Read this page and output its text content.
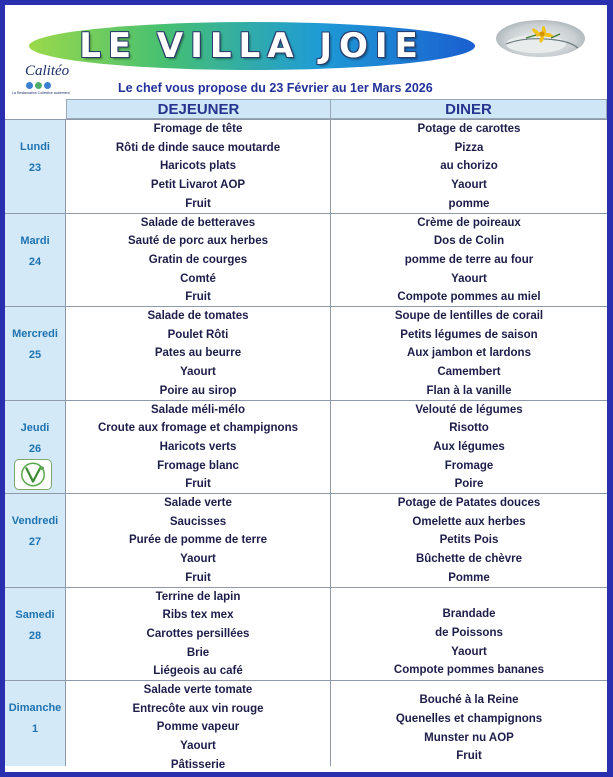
LE VILLA JOIE
Calitéo
La Restauration Collective autrement	Le chef vous propose du 23 Février au 1er Mars 2026
DEJEUNER	DINER
Lundi
23
Fromage de tête
Rôti de dinde sauce moutarde
Haricots plats
Petit Livarot AOP
Fruit
Potage de carottes
Pizza
au chorizo
Yaourt
pomme
Mardi
24
Salade de betteraves
Sauté de porc aux herbes
Gratin de courges
Comté
Fruit
Crème de poireaux
Dos de Colin
pomme de terre au four
Yaourt
Compote pommes au miel
Mercredi
25
Salade de tomates
Poulet Rôti
Pates au beurre
Yaourt
Poire au sirop
Soupe de lentilles de corail
Petits légumes de saison
Aux jambon et lardons
Camembert
Flan à la vanille
Jeudi
26
Salade méli-mélo
Croute aux fromage et champignons
Haricots verts
Fromage blanc
Fruit
Velouté de légumes
Risotto
Aux légumes
Fromage
Poire
Vendredi
27
Salade verte
Saucisses
Purée de pomme de terre
Yaourt
Fruit
Potage de Patates douces
Omelette aux herbes
Petits Pois
Bûchette de chèvre
Pomme
Samedi
28
Terrine de lapin
Ribs tex mex
Carottes persillées
Brie
Liégeois au café
Brandade
de Poissons
Yaourt
Compote pommes bananes
Dimanche
1
Salade verte tomate
Entrecôte aux vin rouge
Pomme vapeur
Yaourt
Pâtisserie
Bouché à la Reine
Quenelles et champignons
Munster nu AOP
Fruit
